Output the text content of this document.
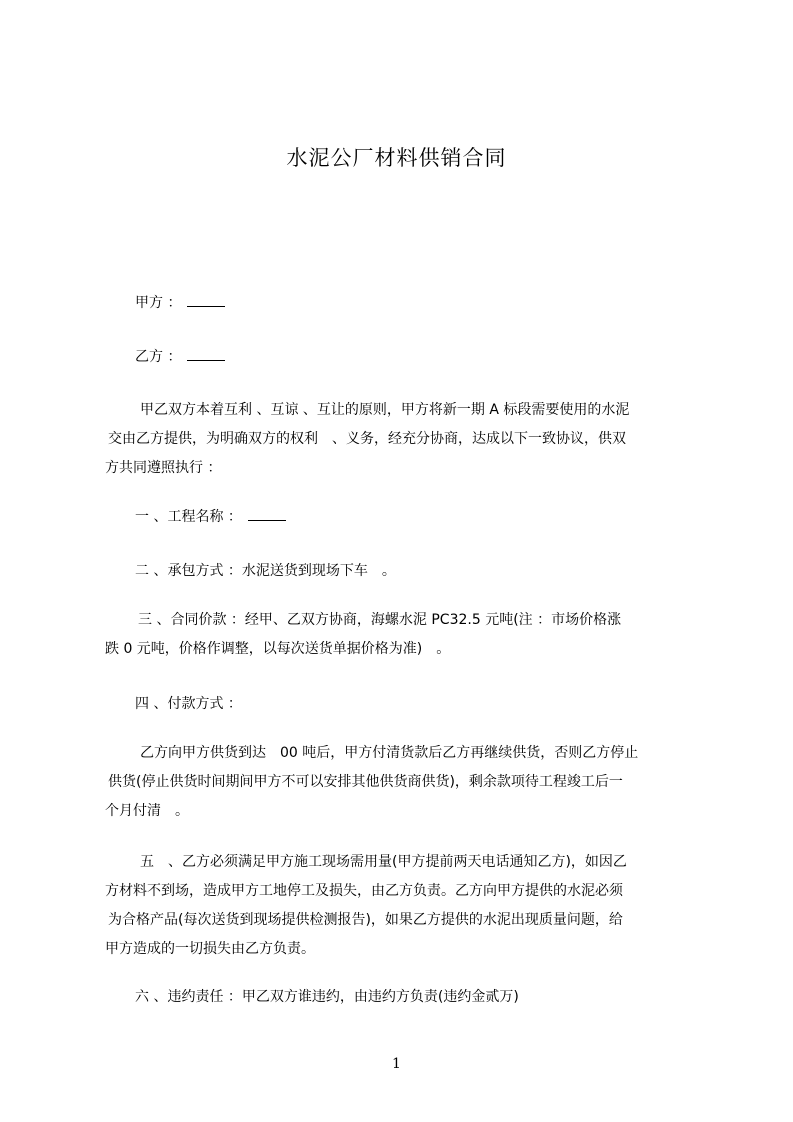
水泥公厂材料供销合同
甲方 ：
乙方 ：
甲乙双方本着互利 、互谅 、互让的原则，甲方将新一期 A 标段需要使用的水泥
交由乙方提供，为明确双方的权利　、义务，经充分协商，达成以下一致协议，供双
方共同遵照执行 ：
一 、工程名称 ：
二 、承包方式 ：水泥送货到现场下车　。
三 、合同价款 ：经甲、乙双方协商，海螺水泥 PC32.5 元吨(注 ：市场价格涨
跌 0 元吨，价格作调整，以每次送货单据价格为准)　。
四 、付款方式 ：
乙方向甲方供货到达　00 吨后，甲方付清货款后乙方再继续供货，否则乙方停止
供货(停止供货时间期间甲方不可以安排其他供货商供货)，剩余款项待工程竣工后一
个月付清　。
五　、乙方必须满足甲方施工现场需用量(甲方提前两天电话通知乙方)，如因乙
方材料不到场，造成甲方工地停工及损失，由乙方负责。乙方向甲方提供的水泥必须
为合格产品(每次送货到现场提供检测报告)，如果乙方提供的水泥出现质量问题，给
甲方造成的一切损失由乙方负责。
六 、违约责任 ：甲乙双方谁违约，由违约方负责(违约金贰万)
1
